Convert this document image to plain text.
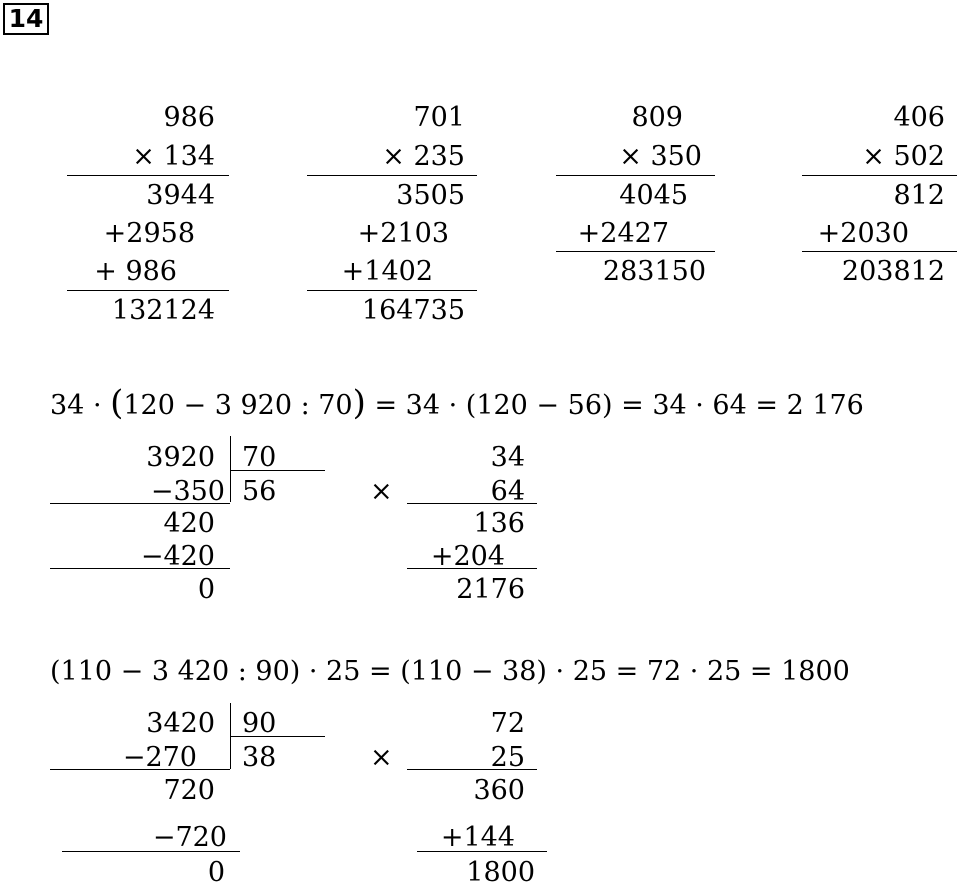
14
986
× 134
3944
+2958
+ 986
132124
701
× 235
3505
+2103
+1402
164735
809
× 350
4045
+2427
283150
406
× 502
812
+2030
203812
34 · (120 − 3 920 : 70) = 34 · (120 − 56) = 34 · 64 = 2 176
3920 70
56
−350
420
−420
0
×
34
64
136
+204
2176
(110 − 3 420 : 90) · 25 = (110 − 38) · 25 = 72 · 25 = 1800
3420 90
38
−270
720
−720
0
×
72
25
360
+144
1800
